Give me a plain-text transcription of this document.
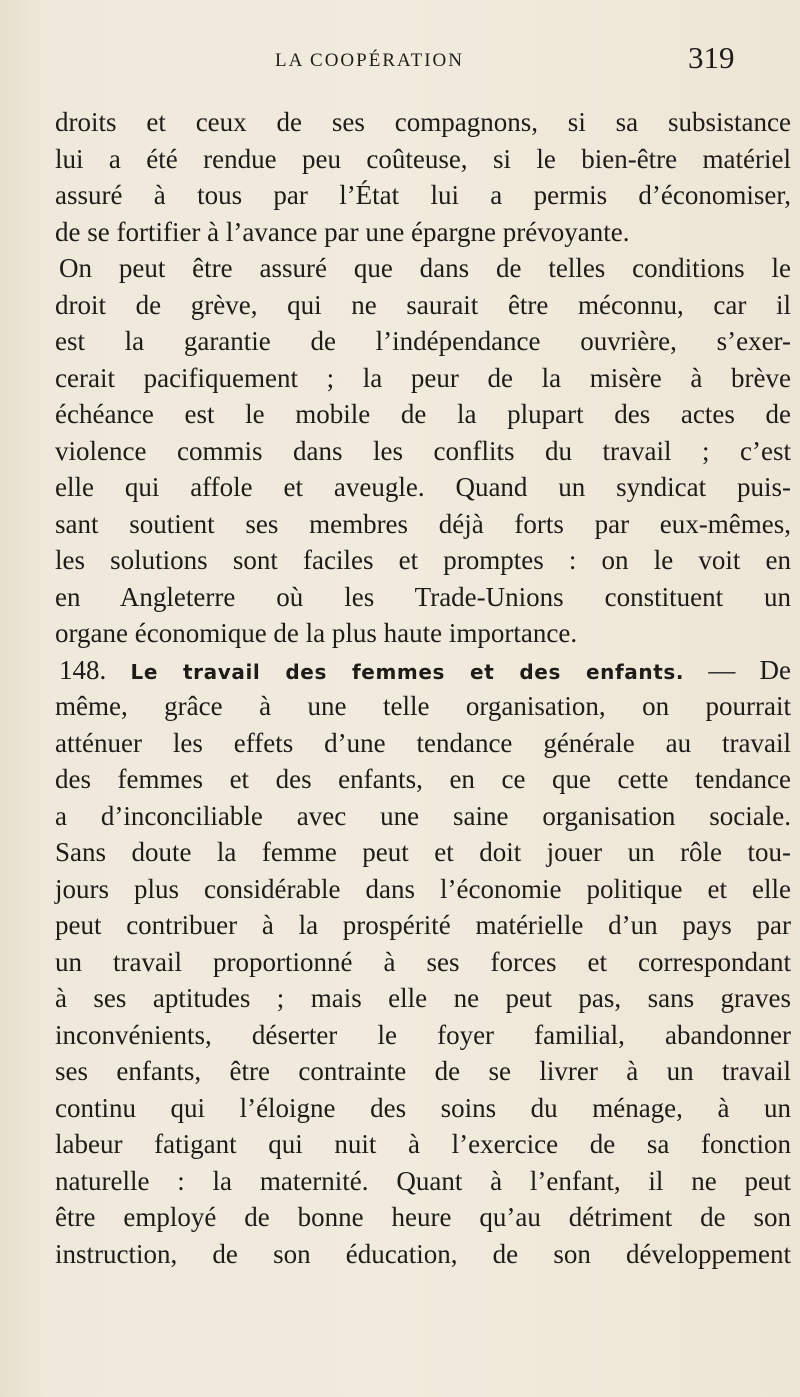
LA COOPÉRATION	319
droits et ceux de ses compagnons, si sa subsistance
lui a été rendue peu coûteuse, si le bien-être matériel
assuré à tous par l’État lui a permis d’économiser,
de se fortifier à l’avance par une épargne prévoyante.
On peut être assuré que dans de telles conditions le
droit de grève, qui ne saurait être méconnu, car il
est la garantie de l’indépendance ouvrière, s’exer-
cerait pacifiquement ; la peur de la misère à brève
échéance est le mobile de la plupart des actes de
violence commis dans les conflits du travail ; c’est
elle qui affole et aveugle. Quand un syndicat puis-
sant soutient ses membres déjà forts par eux-mêmes,
les solutions sont faciles et promptes : on le voit en
en Angleterre où les Trade-Unions constituent un
organe économique de la plus haute importance.
148. Le travail des femmes et des enfants. — De
même, grâce à une telle organisation, on pourrait
atténuer les effets d’une tendance générale au travail
des femmes et des enfants, en ce que cette tendance
a d’inconciliable avec une saine organisation sociale.
Sans doute la femme peut et doit jouer un rôle tou-
jours plus considérable dans l’économie politique et elle
peut contribuer à la prospérité matérielle d’un pays par
un travail proportionné à ses forces et correspondant
à ses aptitudes ; mais elle ne peut pas, sans graves
inconvénients, déserter le foyer familial, abandonner
ses enfants, être contrainte de se livrer à un travail
continu qui l’éloigne des soins du ménage, à un
labeur fatigant qui nuit à l’exercice de sa fonction
naturelle : la maternité. Quant à l’enfant, il ne peut
être employé de bonne heure qu’au détriment de son
instruction, de son éducation, de son développement
